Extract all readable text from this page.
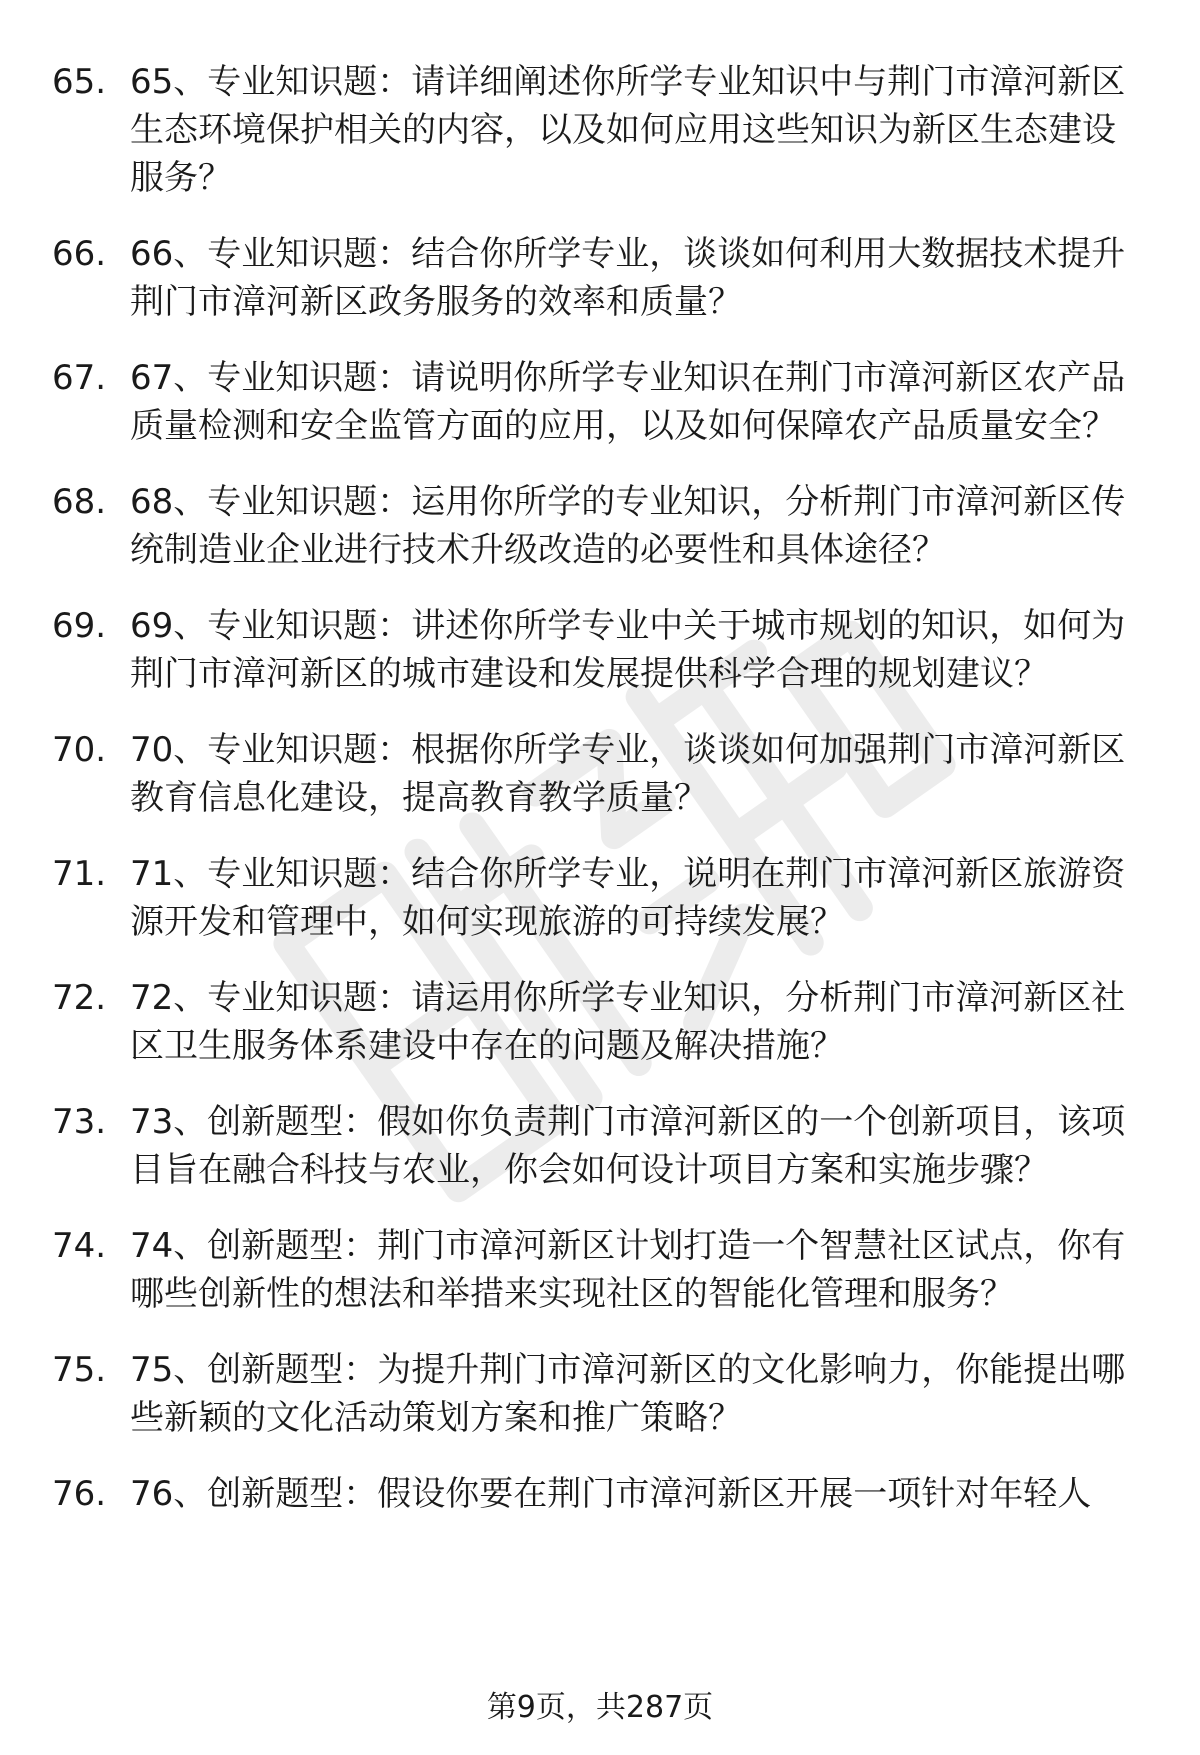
65. 65、专业知识题：请详细阐述你所学专业知识中与荆门市漳河新区生态环境保护相关的内容，以及如何应用这些知识为新区生态建设服务？
66. 66、专业知识题：结合你所学专业，谈谈如何利用大数据技术提升荆门市漳河新区政务服务的效率和质量？
67. 67、专业知识题：请说明你所学专业知识在荆门市漳河新区农产品质量检测和安全监管方面的应用，以及如何保障农产品质量安全？
68. 68、专业知识题：运用你所学的专业知识，分析荆门市漳河新区传统制造业企业进行技术升级改造的必要性和具体途径？
69. 69、专业知识题：讲述你所学专业中关于城市规划的知识，如何为荆门市漳河新区的城市建设和发展提供科学合理的规划建议？
70. 70、专业知识题：根据你所学专业，谈谈如何加强荆门市漳河新区教育信息化建设，提高教育教学质量？
71. 71、专业知识题：结合你所学专业，说明在荆门市漳河新区旅游资源开发和管理中，如何实现旅游的可持续发展？
72. 72、专业知识题：请运用你所学专业知识，分析荆门市漳河新区社区卫生服务体系建设中存在的问题及解决措施？
73. 73、创新题型：假如你负责荆门市漳河新区的一个创新项目，该项目旨在融合科技与农业，你会如何设计项目方案和实施步骤？
74. 74、创新题型：荆门市漳河新区计划打造一个智慧社区试点，你有哪些创新性的想法和举措来实现社区的智能化管理和服务？
75. 75、创新题型：为提升荆门市漳河新区的文化影响力，你能提出哪些新颖的文化活动策划方案和推广策略？
76. 76、创新题型：假设你要在荆门市漳河新区开展一项针对年轻人
第9页，共287页
